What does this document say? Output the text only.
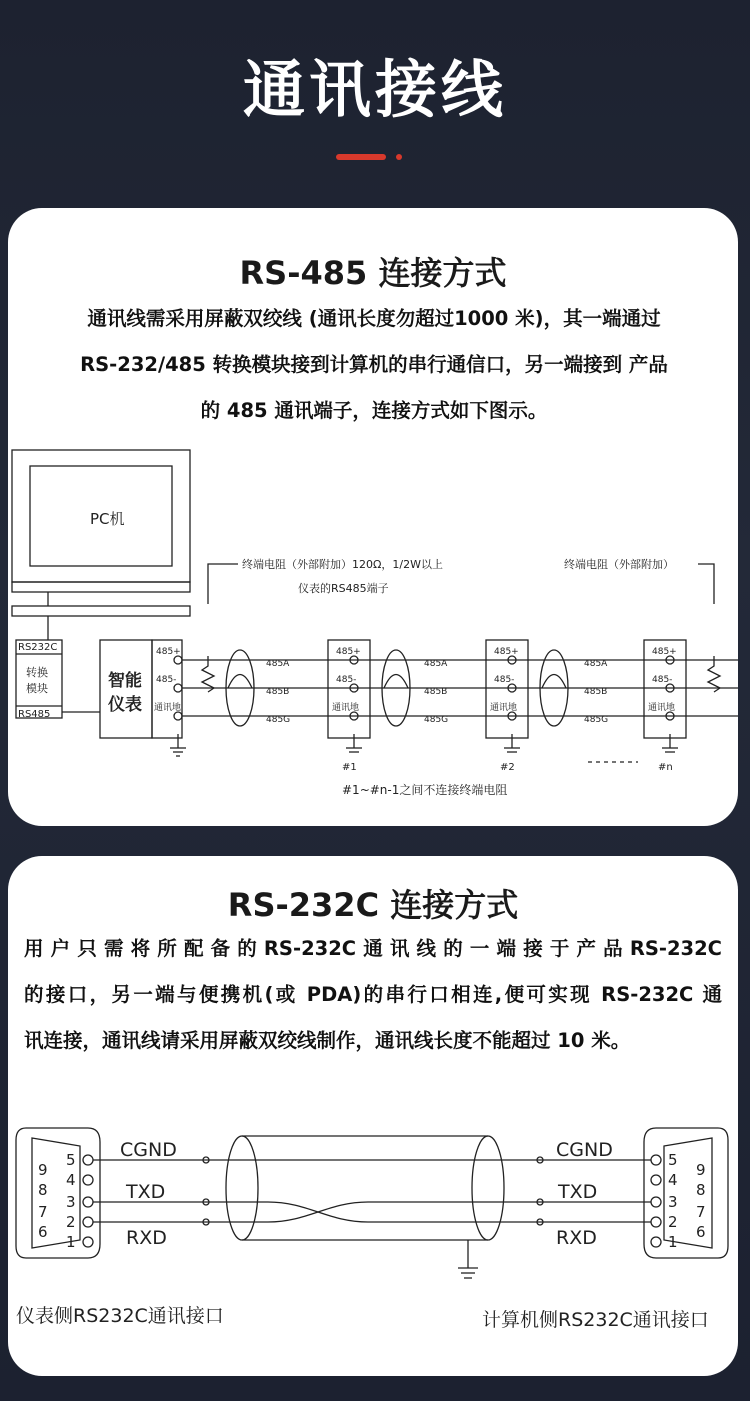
通讯接线
RS-485 连接方式
通讯线需采用屏蔽双绞线 (通讯长度勿超过1000 米)，其一端通过
RS-232/485 转换模块接到计算机的串行通信口，另一端接到 产品
的 485 通讯端子，连接方式如下图示。
PC机
RS232C
转换
模块
RS485
智能
仪表
485+
485-
通讯地
485+
485-
通讯地
485+
485-
通讯地
485+
485-
通讯地
485A
485B
485G
485A
485B
485G
485A
485B
485G
终端电阻（外部附加）120Ω，1/2W以上	终端电阻（外部附加）
仪表的RS485端子
#1	#2	#n
#1~#n-1之间不连接终端电阻
RS-232C 连接方式
用户只需将所配备的RS-232C通讯线的一端接于产品RS-232C
的接口，另一端与便携机(或 PDA)的串行口相连,便可实现 RS-232C 通
讯连接，通讯线请采用屏蔽双绞线制作，通讯线长度不能超过 10 米。
CGND
TXD
RXD
CGND
TXD
RXD
5
4
3
2
1
9
8
7
6
5
4
3
2
1
9
8
7
6
仪表侧RS232C通讯接口	计算机侧RS232C通讯接口
